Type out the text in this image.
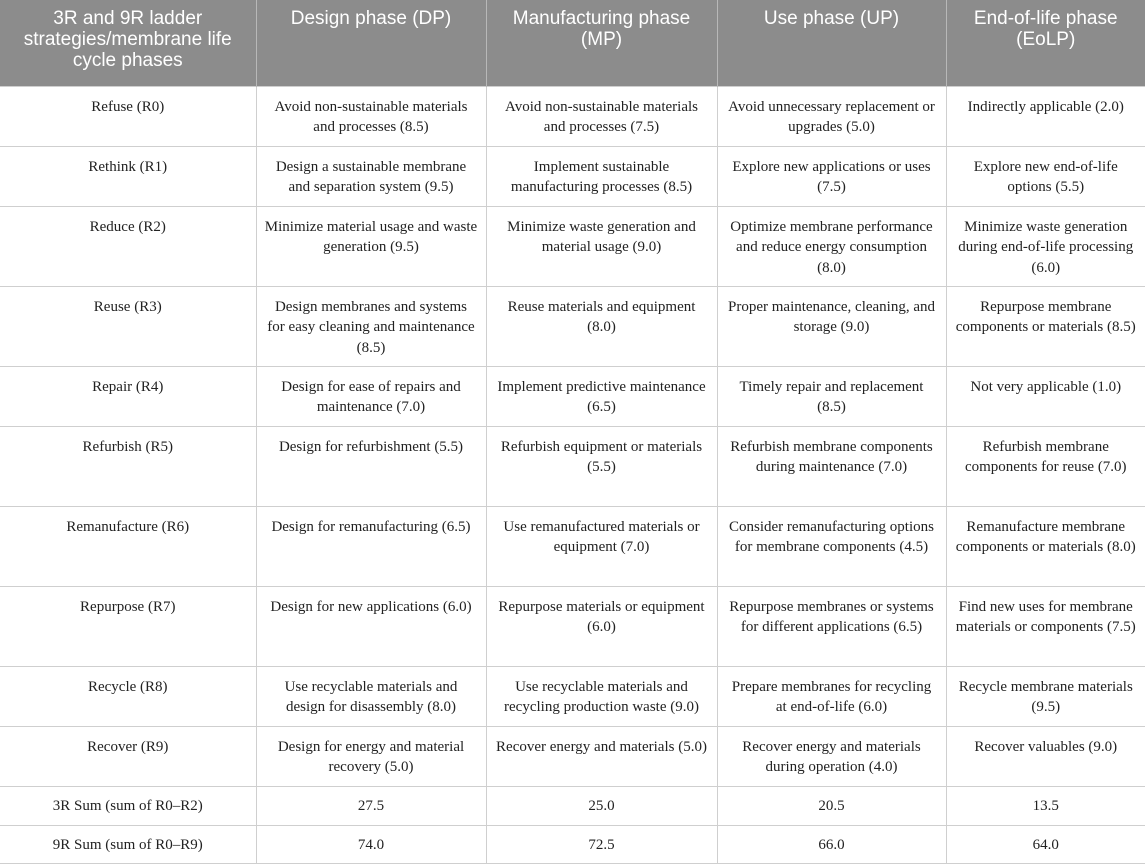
3R and 9R ladder strategies/membrane life cycle phases	Design phase (DP)	Manufacturing phase (MP)	Use phase (UP)	End-of-life phase (EoLP)
Refuse (R0)	Avoid non-sustainable materials and processes (8.5)	Avoid non-sustainable materials and processes (7.5)	Avoid unnecessary replacement or upgrades (5.0)	Indirectly applicable (2.0)
Rethink (R1)	Design a sustainable membrane and separation system (9.5)	Implement sustainable manufacturing processes (8.5)	Explore new applications or uses (7.5)	Explore new end-of-life options (5.5)
Reduce (R2)	Minimize material usage and waste generation (9.5)	Minimize waste generation and material usage (9.0)	Optimize membrane performance and reduce energy consumption (8.0)	Minimize waste generation during end-of-life processing (6.0)
Reuse (R3)	Design membranes and systems for easy cleaning and maintenance (8.5)	Reuse materials and equipment (8.0)	Proper maintenance, cleaning, and storage (9.0)	Repurpose membrane components or materials (8.5)
Repair (R4)	Design for ease of repairs and maintenance (7.0)	Implement predictive maintenance (6.5)	Timely repair and replacement (8.5)	Not very applicable (1.0)
Refurbish (R5)	Design for refurbishment (5.5)	Refurbish equipment or materials (5.5)	Refurbish membrane components during maintenance (7.0)	Refurbish membrane components for reuse (7.0)
Remanufacture (R6)	Design for remanufacturing (6.5)	Use remanufactured materials or equipment (7.0)	Consider remanufacturing options for membrane components (4.5)	Remanufacture membrane components or materials (8.0)
Repurpose (R7)	Design for new applications (6.0)	Repurpose materials or equipment (6.0)	Repurpose membranes or systems for different applications (6.5)	Find new uses for membrane materials or components (7.5)
Recycle (R8)	Use recyclable materials and design for disassembly (8.0)	Use recyclable materials and recycling production waste (9.0)	Prepare membranes for recycling at end-of-life (6.0)	Recycle membrane materials (9.5)
Recover (R9)	Design for energy and material recovery (5.0)	Recover energy and materials (5.0)	Recover energy and materials during operation (4.0)	Recover valuables (9.0)
3R Sum (sum of R0–R2)	27.5	25.0	20.5	13.5
9R Sum (sum of R0–R9)	74.0	72.5	66.0	64.0
